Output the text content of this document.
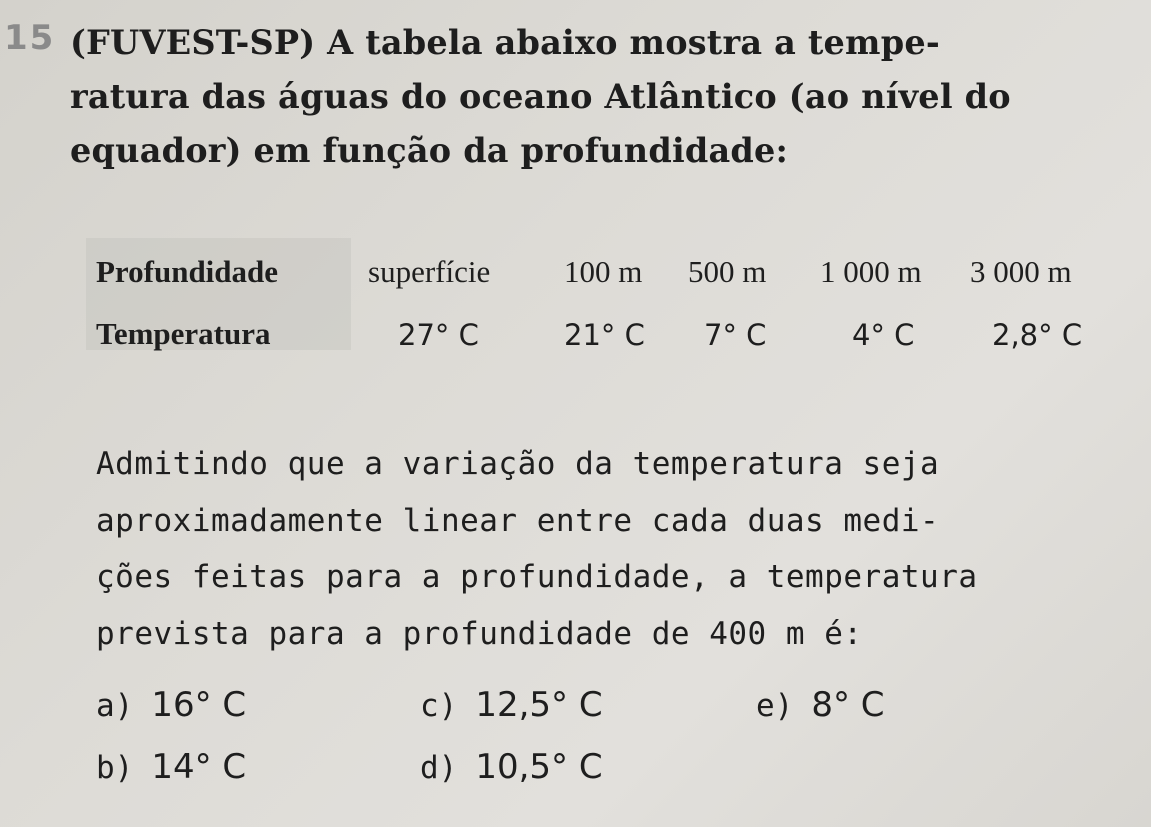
15 (FUVEST-SP) A tabela abaixo mostra a tempe-
ratura das águas do oceano Atlântico (ao nível do
equador) em função da profundidade:
Profundidade	superfície 100 m 500 m 1 000 m 3 000 m
Temperatura	27° C	21° C 7° C	4° C	2,8° C
Admitindo que a variação da temperatura seja
aproximadamente linear entre cada duas medi-
ções feitas para a profundidade, a temperatura
prevista para a profundidade de 400 m é:
a) 16° C
b) 14° C
c) 12,5° C
d) 10,5° C
e) 8° C
